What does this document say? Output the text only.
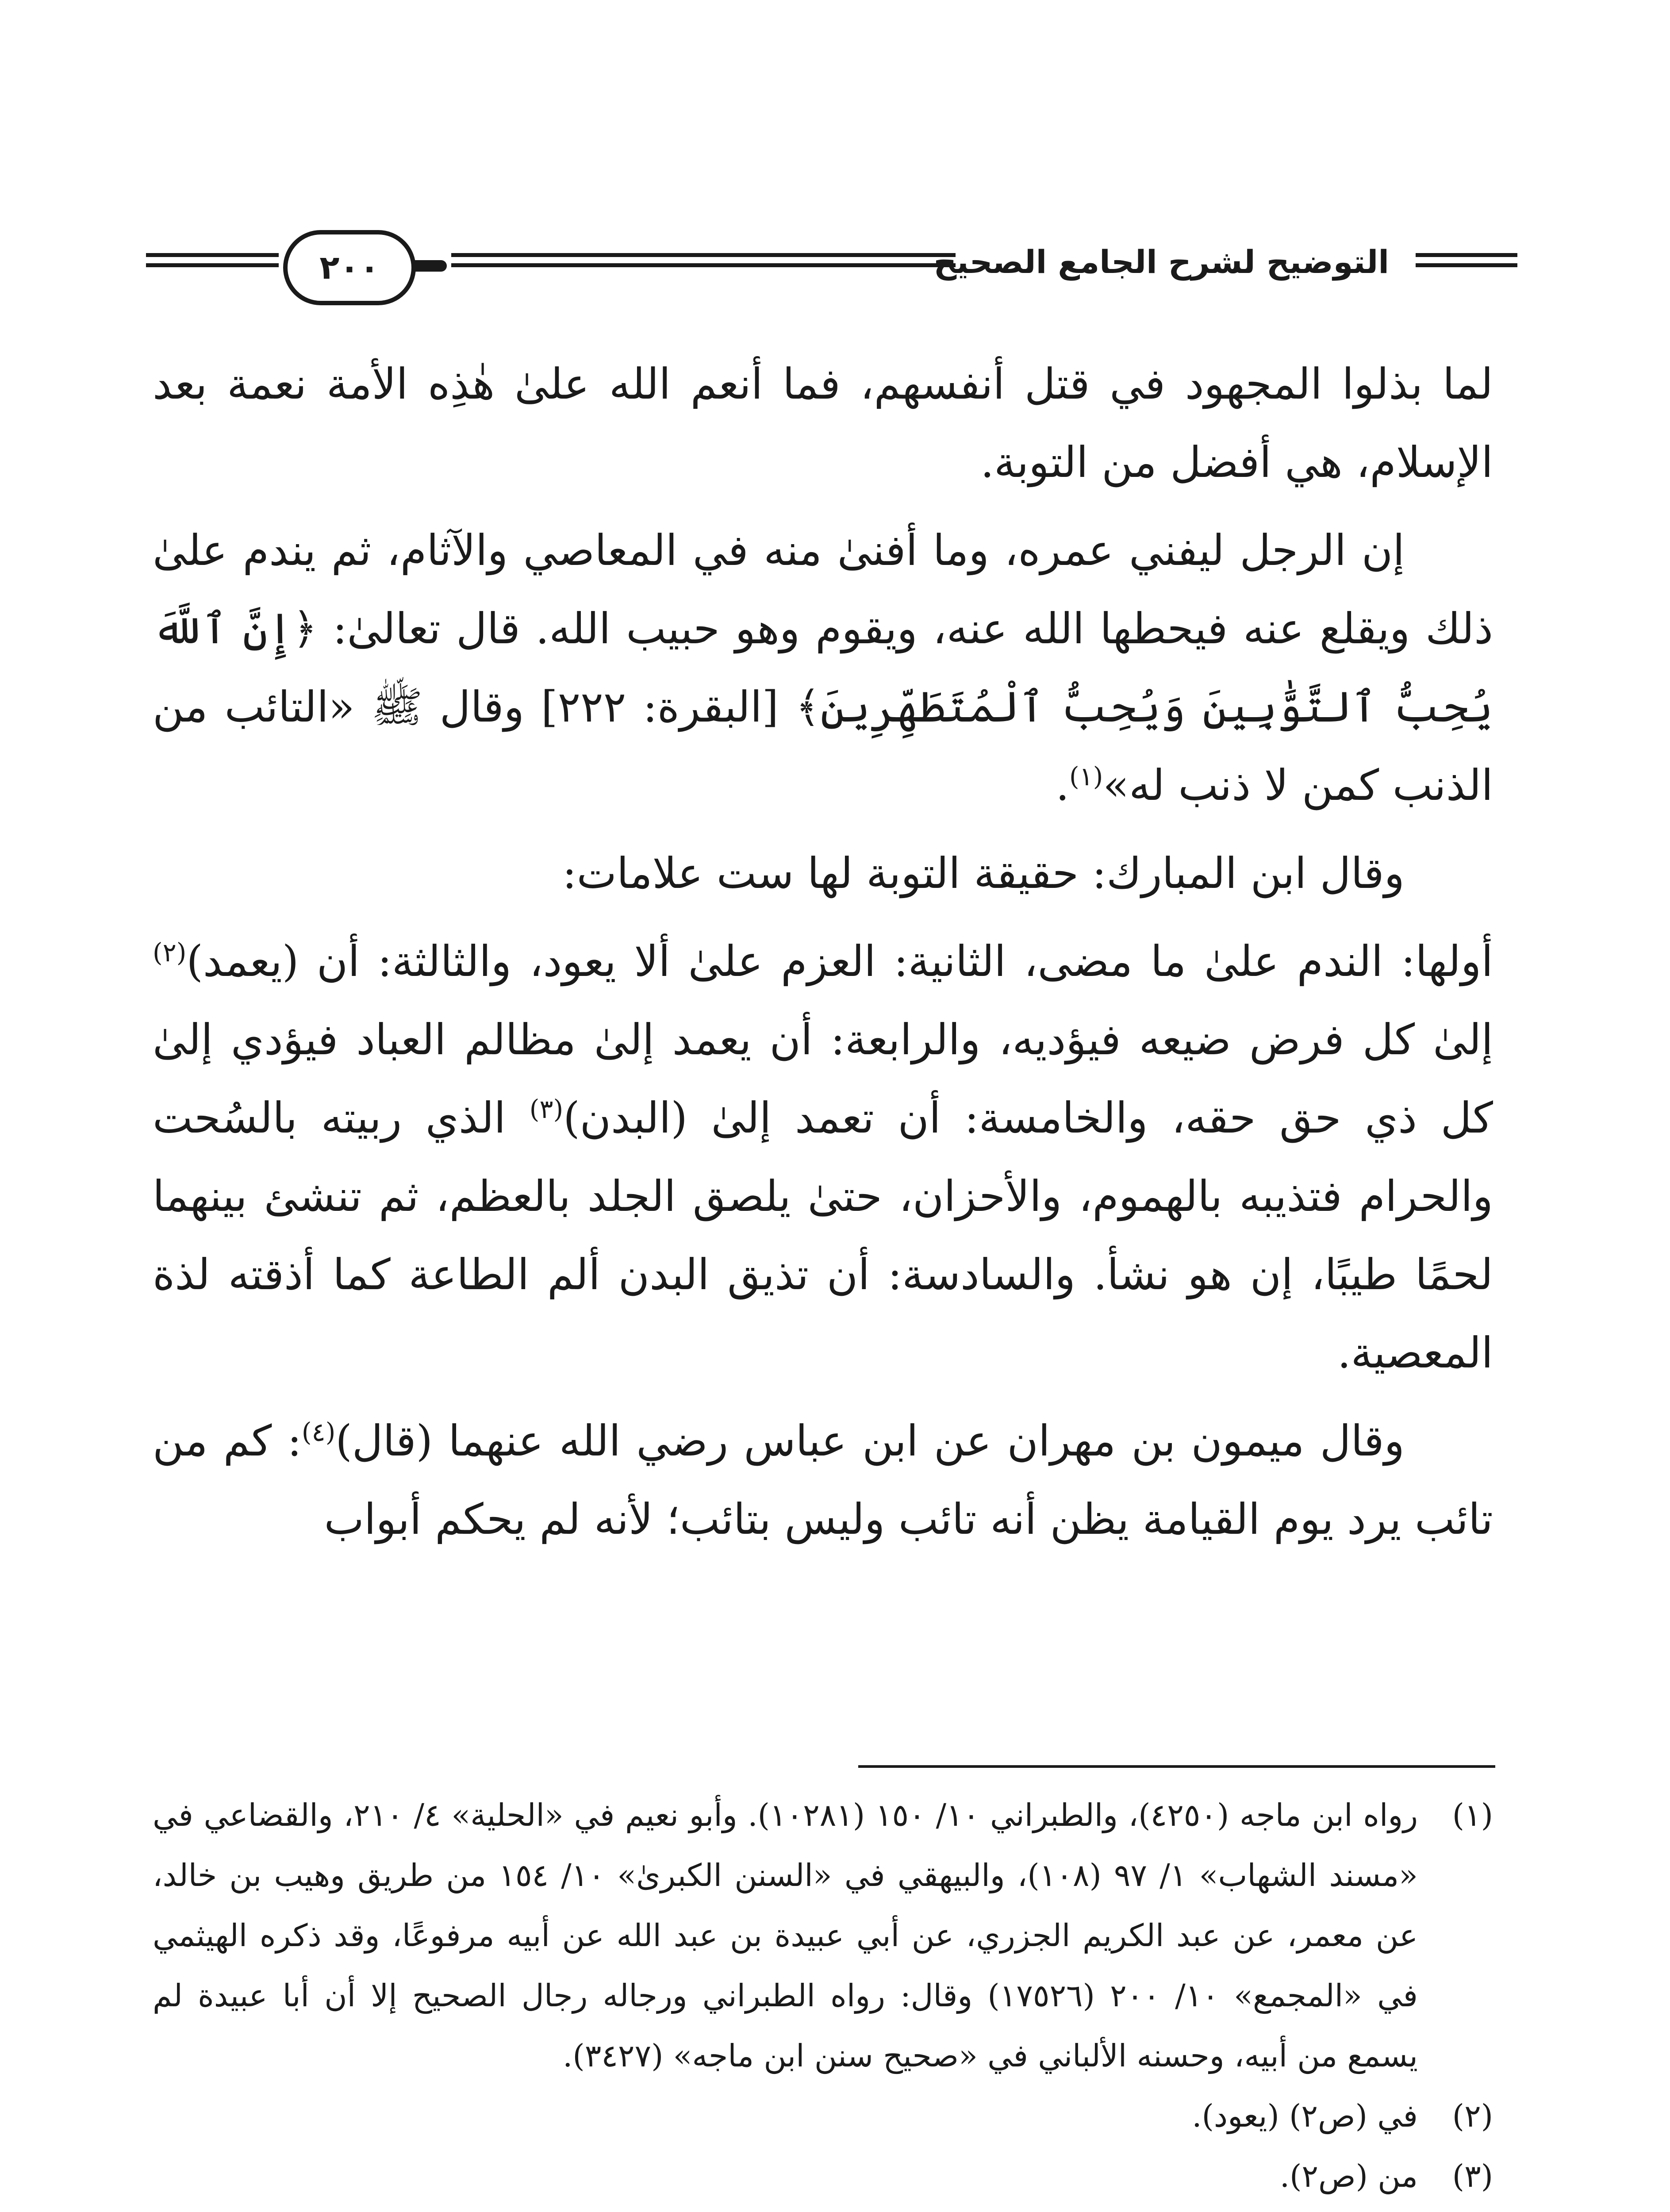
التوضيح لشرح الجامع الصحيح
٢٠٠

لما بذلوا المجهود في قتل أنفسهم، فما أنعم الله علىٰ هٰذِه الأمة نعمة بعد الإسلام، هي أفضل من التوبة.

إن الرجل ليفني عمره، وما أفنىٰ منه في المعاصي والآثام، ثم يندم علىٰ ذلك ويقلع عنه فيحطها الله عنه، ويقوم وهو حبيب الله. قال تعالىٰ: ﴿إِنَّ ٱللَّهَ يُحِبُّ ٱلتَّوَّٰبِينَ وَيُحِبُّ ٱلْمُتَطَهِّرِينَ﴾ [البقرة: ٢٢٢] وقال ﷺ «التائب من الذنب كمن لا ذنب له»$^{(١)}$.

وقال ابن المبارك: حقيقة التوبة لها ست علامات:

أولها: الندم علىٰ ما مضى، الثانية: العزم علىٰ ألا يعود، والثالثة: أن (يعمد)$^{(٢)}$ إلىٰ كل فرض ضيعه فيؤديه، والرابعة: أن يعمد إلىٰ مظالم العباد فيؤدي إلىٰ كل ذي حق حقه، والخامسة: أن تعمد إلىٰ (البدن)$^{(٣)}$ الذي ربيته بالسُحت والحرام فتذيبه بالهموم، والأحزان، حتىٰ يلصق الجلد بالعظم، ثم تنشئ بينهما لحمًا طيبًا، إن هو نشأ. والسادسة: أن تذيق البدن ألم الطاعة كما أذقته لذة المعصية.

وقال ميمون بن مهران عن ابن عباس رضي الله عنهما (قال)$^{(٤)}$: كم من تائب يرد يوم القيامة يظن أنه تائب وليس بتائب؛ لأنه لم يحكم أبواب

(١)
رواه ابن ماجه (٤٢٥٠)، والطبراني ١٠/ ١٥٠ (١٠٢٨١). وأبو نعيم في «الحلية» ٤/ ٢١٠، والقضاعي في «مسند الشهاب» ١/ ٩٧ (١٠٨)، والبيهقي في «السنن الكبرىٰ» ١٠/ ١٥٤ من طريق وهيب بن خالد، عن معمر، عن عبد الكريم الجزري، عن أبي عبيدة بن عبد الله عن أبيه مرفوعًا، وقد ذكره الهيثمي في «المجمع» ١٠/ ٢٠٠ (١٧٥٢٦) وقال: رواه الطبراني ورجاله رجال الصحيح إلا أن أبا عبيدة لم يسمع من أبيه، وحسنه الألباني في «صحيح سنن ابن ماجه» (٣٤٢٧).
(٢)
في (ص٢) (يعود).
(٣)
من (ص٢).
